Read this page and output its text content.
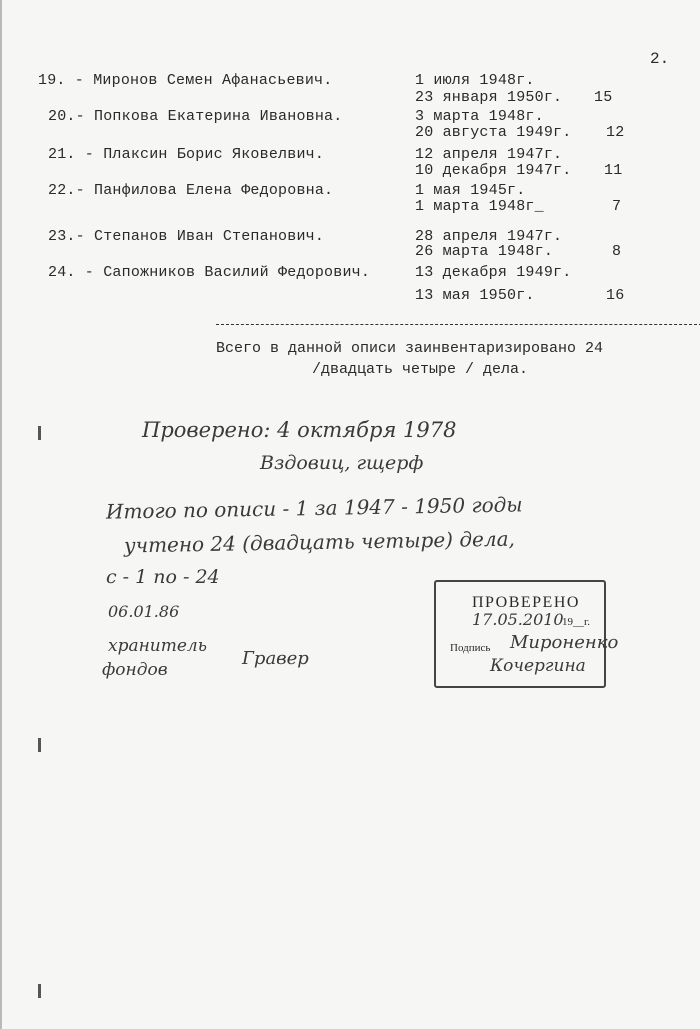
2.
19. - Миронов Семен Афанасьевич.	1 июля 1948г.
23 января 1950г. 15
20.- Попкова Екатерина Ивановна.	3 марта 1948г.
20 августа 1949г. 12
21. - Плаксин Борис Яковелвич.	12 апреля 1947г.
10 декабря 1947г. 11
22.- Панфилова Елена Федоровна.	1 мая 1945г.
1 марта 1948г_	7
23.- Степанов Иван Степанович.	28 апреля 1947г.
26 марта 1948г.	8
24. - Сапожников Василий Федорович.	13 декабря 1949г.
13 мая 1950г.	16
Всего в данной описи заинвентаризировано 24
/двадцать четыре / дела.
Проверено: 4 октября 1978
Вздовиц, гщерф
Итого по описи - 1 за 1947 - 1950 годы
учтено 24 (двадцать четыре) дела,
с - 1 по - 24
06.01.86
хранитель
фондов
Гравер
ПРОВЕРЕНО
17.05.2010
19__г.
Подпись Мироненко
Кочергина
